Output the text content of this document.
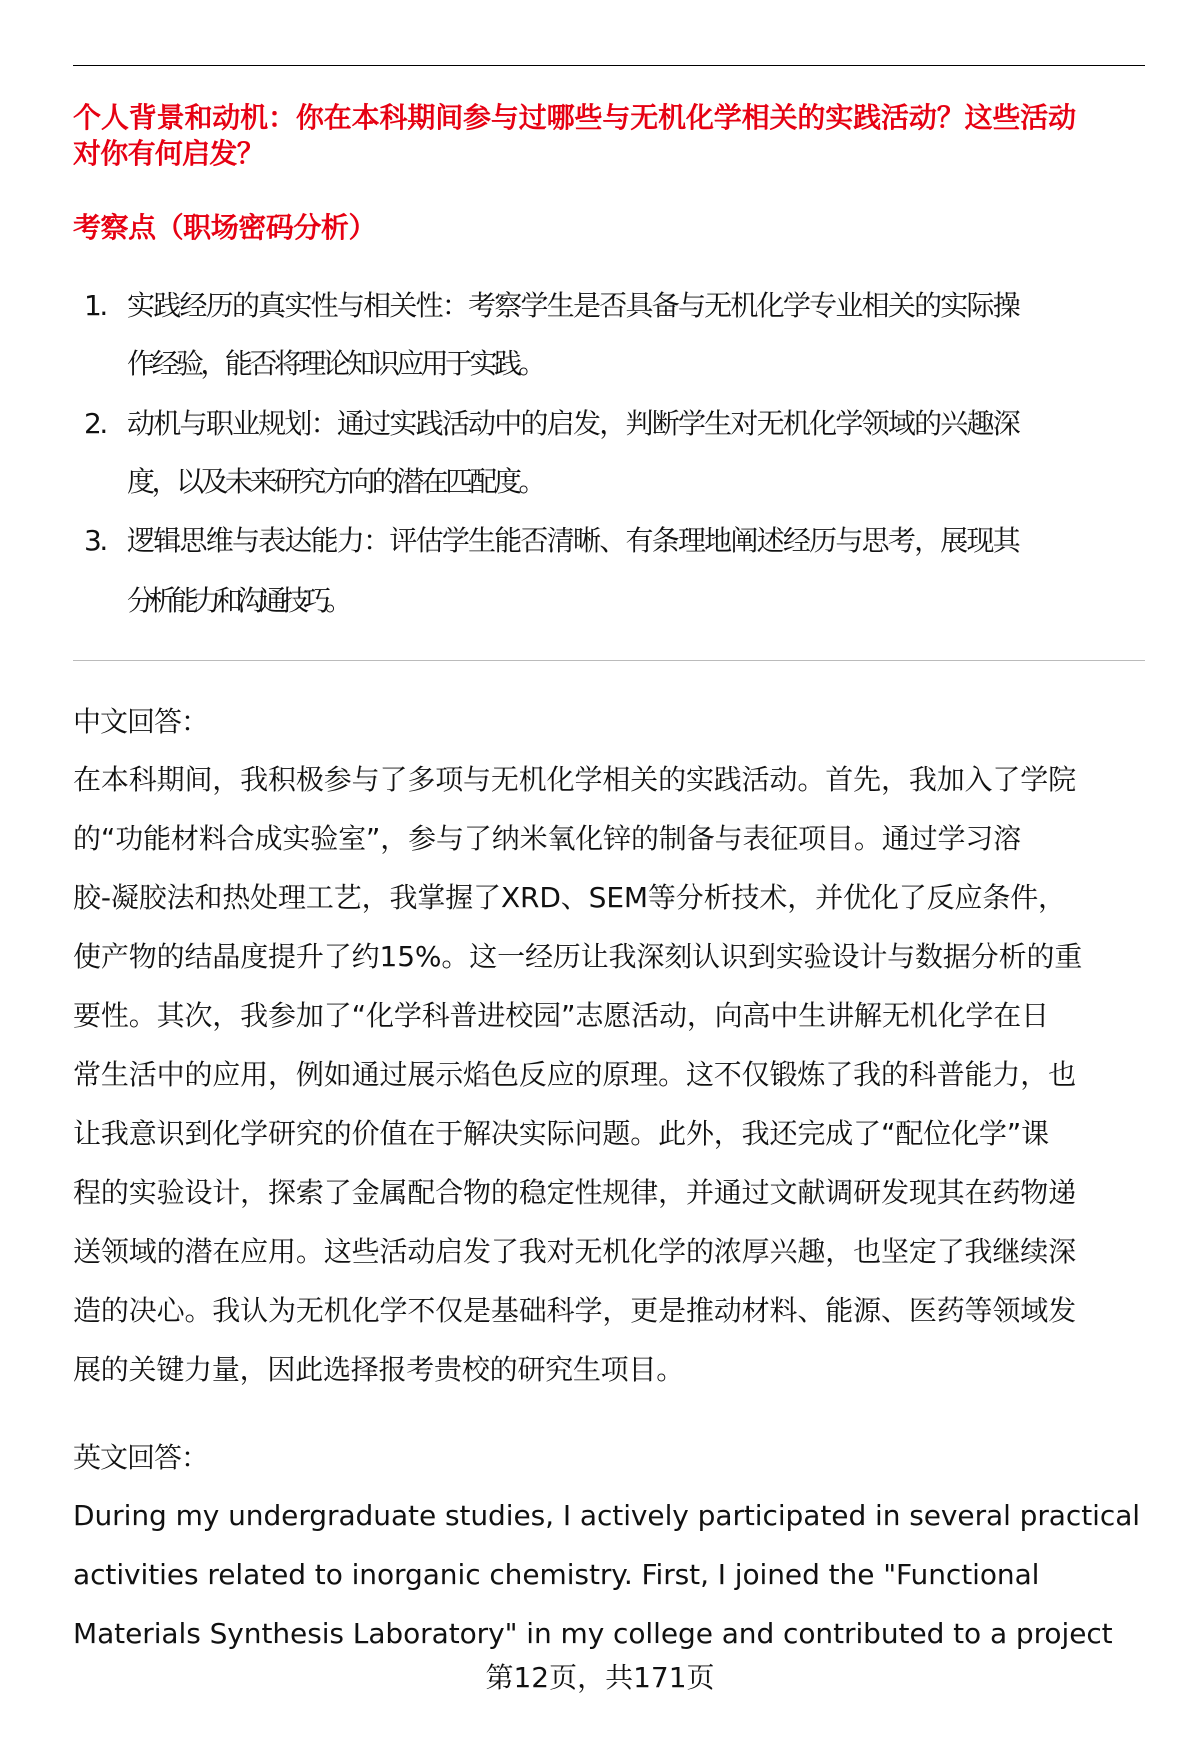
个人背景和动机：你在本科期间参与过哪些与无机化学相关的实践活动？这些活动
对你有何启发？
考察点（职场密码分析）
1. 实践经历的真实性与相关性：考察学生是否具备与无机化学专业相关的实际操
作经验，能否将理论知识应用于实践。
2. 动机与职业规划：通过实践活动中的启发，判断学生对无机化学领域的兴趣深
度，以及未来研究方向的潜在匹配度。
3. 逻辑思维与表达能力：评估学生能否清晰、有条理地阐述经历与思考，展现其
分析能力和沟通技巧。
中文回答：
在本科期间，我积极参与了多项与无机化学相关的实践活动。首先，我加入了学院
的“功能材料合成实验室”，参与了纳米氧化锌的制备与表征项目。通过学习溶
胶-凝胶法和热处理工艺，我掌握了XRD、SEM等分析技术，并优化了反应条件，
使产物的结晶度提升了约15%。这一经历让我深刻认识到实验设计与数据分析的重
要性。其次，我参加了“化学科普进校园”志愿活动，向高中生讲解无机化学在日
常生活中的应用，例如通过展示焰色反应的原理。这不仅锻炼了我的科普能力，也
让我意识到化学研究的价值在于解决实际问题。此外，我还完成了“配位化学”课
程的实验设计，探索了金属配合物的稳定性规律，并通过文献调研发现其在药物递
送领域的潜在应用。这些活动启发了我对无机化学的浓厚兴趣，也坚定了我继续深
造的决心。我认为无机化学不仅是基础科学，更是推动材料、能源、医药等领域发
展的关键力量，因此选择报考贵校的研究生项目。
英文回答：
During my undergraduate studies, I actively participated in several practical
activities related to inorganic chemistry. First, I joined the "Functional
Materials Synthesis Laboratory" in my college and contributed to a project
第12页，共171页
